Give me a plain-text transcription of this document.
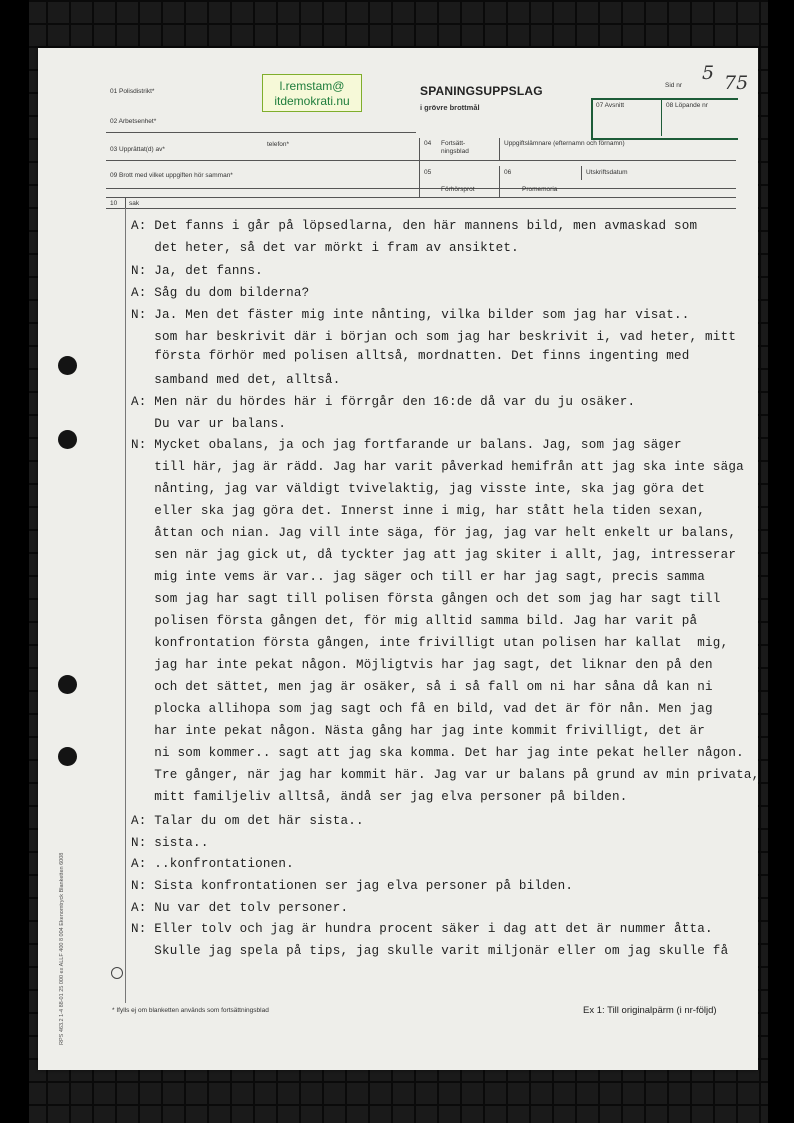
01 Polisdistrikt*
02 Arbetsenhet*
03 Upprättat(d) av*
telefon*
09 Brott med vilket uppgiften hör samman*
l.remstam@
itdemokrati.nu
SPANINGSUPPSLAG
i grövre brottmål
Sid nr
5 75
07 Avsnitt	08 Löpande nr
04 Fortsätt-
ningsblad
Uppgiftslämnare (efternamn och förnamn)
05
Förhörsprot
06
Promemoria
Utskriftsdatum
10 sak
A: Det fanns i går på löpsedlarna, den här mannens bild, men avmaskad som
det heter, så det var mörkt i fram av ansiktet.
N: Ja, det fanns.
A: Såg du dom bilderna?
N: Ja. Men det fäster mig inte nånting, vilka bilder som jag har visat..
som har beskrivit där i början och som jag har beskrivit i, vad heter, mitt
första förhör med polisen alltså, mordnatten. Det finns ingenting med
samband med det, alltså.
A: Men när du hördes här i förrgår den 16:de då var du ju osäker.
Du var ur balans.
N: Mycket obalans, ja och jag fortfarande ur balans. Jag, som jag säger
till här, jag är rädd. Jag har varit påverkad hemifrån att jag ska inte säga
nånting, jag var väldigt tvivelaktig, jag visste inte, ska jag göra det
eller ska jag göra det. Innerst inne i mig, har stått hela tiden sexan,
åttan och nian. Jag vill inte säga, för jag, jag var helt enkelt ur balans,
sen när jag gick ut, då tyckter jag att jag skiter i allt, jag, intresserar
mig inte vems är var.. jag säger och till er har jag sagt, precis samma
som jag har sagt till polisen första gången och det som jag har sagt till
polisen första gången det, för mig alltid samma bild. Jag har varit på
konfrontation första gången, inte frivilligt utan polisen har kallat  mig,
jag har inte pekat någon. Möjligtvis har jag sagt, det liknar den på den
och det sättet, men jag är osäker, så i så fall om ni har såna då kan ni
plocka allihopa som jag sagt och få en bild, vad det är för nån. Men jag
har inte pekat någon. Nästa gång har jag inte kommit frivilligt, det är
ni som kommer.. sagt att jag ska komma. Det har jag inte pekat heller någon.
Tre gånger, när jag har kommit här. Jag var ur balans på grund av min privata,
mitt familjeliv alltså, ändå ser jag elva personer på bilden.
A: Talar du om det här sista..
N: sista..
A: ..konfrontationen.
N: Sista konfrontationen ser jag elva personer på bilden.
A: Nu var det tolv personer.
N: Eller tolv och jag är hundra procent säker i dag att det är nummer åtta.
Skulle jag spela på tips, jag skulle varit miljonär eller om jag skulle få
RPS 463.2 1-4 88-01 25 000 ex ALLF 400 8 004 Ekenomtryck Blanketten 6008	* Ifylls ej om blanketten används som fortsättningsblad	Ex 1: Till originalpärm (i nr-följd)
